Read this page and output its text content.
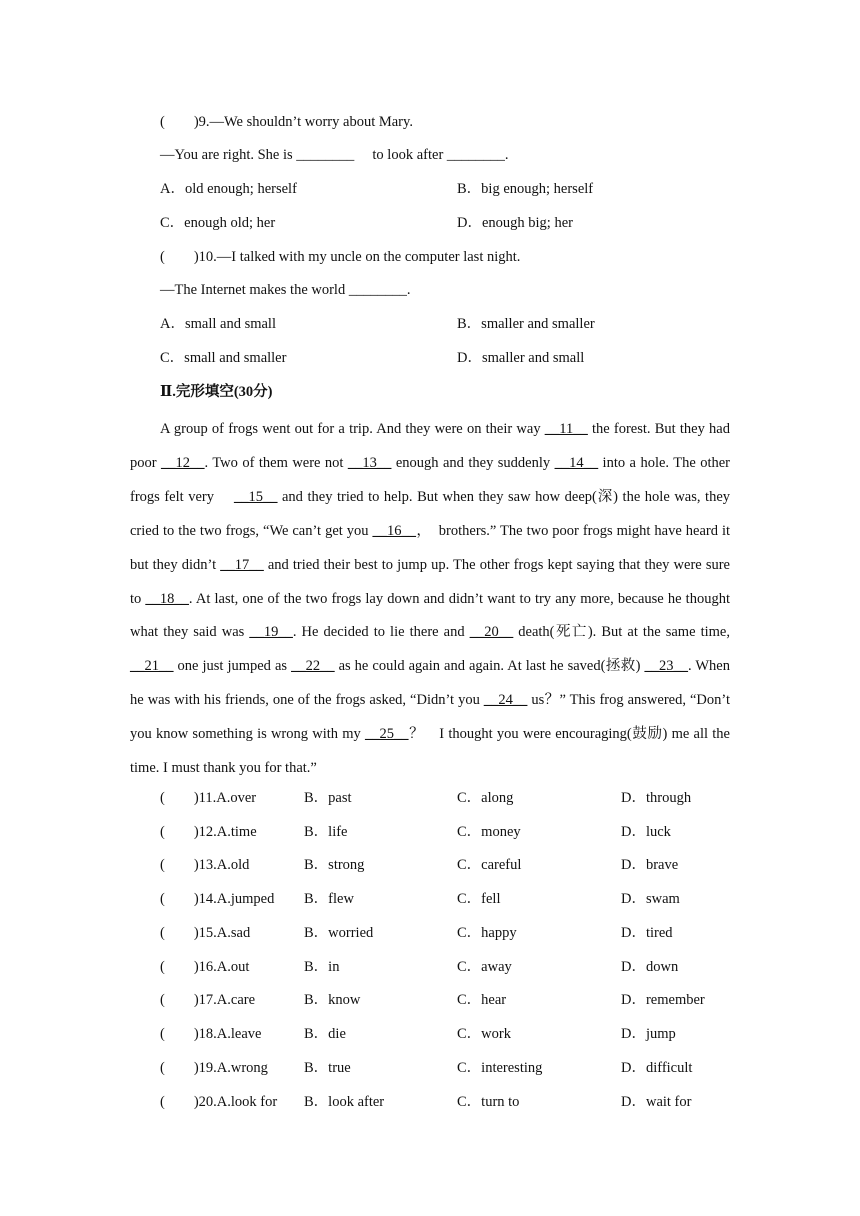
(　　)9.—We shouldn’t worry about Mary.
—You are right. She is ________ 　to look after ________.
A．old enough; herself	B．big enough; herself
C．enough old; her	D．enough big; her
(　　)10.—I talked with my uncle on the computer last night.
—The Internet makes the world ________.
A．small and small	B．smaller and smaller
C．small and smaller	D．smaller and small
Ⅱ.完形填空(30分)
A group of frogs went out for a trip. And they were on their way __11__ the forest. But they had poor __12__. Two of them were not __13__ enough and they suddenly __14__ into a hole. The other frogs felt very 　__15__ and they tried to help. But when they saw how deep(深) the hole was, they cried to the two frogs, “We can’t get you __16__，　brothers.” The two poor frogs might have heard it but they didn’t __17__ and tried their best to jump up. The other frogs kept saying that they were sure to __18__. At last, one of the two frogs lay down and didn’t want to try any more, because he thought what they said was __19__. He decided to lie there and __20__ death(死亡). But at the same time, __21__ one just jumped as __22__ as he could again and again. At last he saved(拯救) __23__. When he was with his friends, one of the frogs asked, “Didn’t you __24__ us？” This frog answered, “Don’t you know something is wrong with my __25__？　I thought you were encouraging(鼓励) me all the time. I must thank you for that.”
(　　)11.A.over	B．past	C．along	D．through
(　　)12.A.time	B．life	C．money	D．luck
(　　)13.A.old	B．strong	C．careful	D．brave
(　　)14.A.jumped B．flew	C．fell	D．swam
(　　)15.A.sad	B．worried	C．happy	D．tired
(　　)16.A.out	B．in	C．away	D．down
(　　)17.A.care	B．know	C．hear	D．remember
(　　)18.A.leave	B．die	C．work	D．jump
(　　)19.A.wrong B．true	C．interesting	D．difficult
(　　)20.A.look for B．look after	C．turn to	D．wait for
